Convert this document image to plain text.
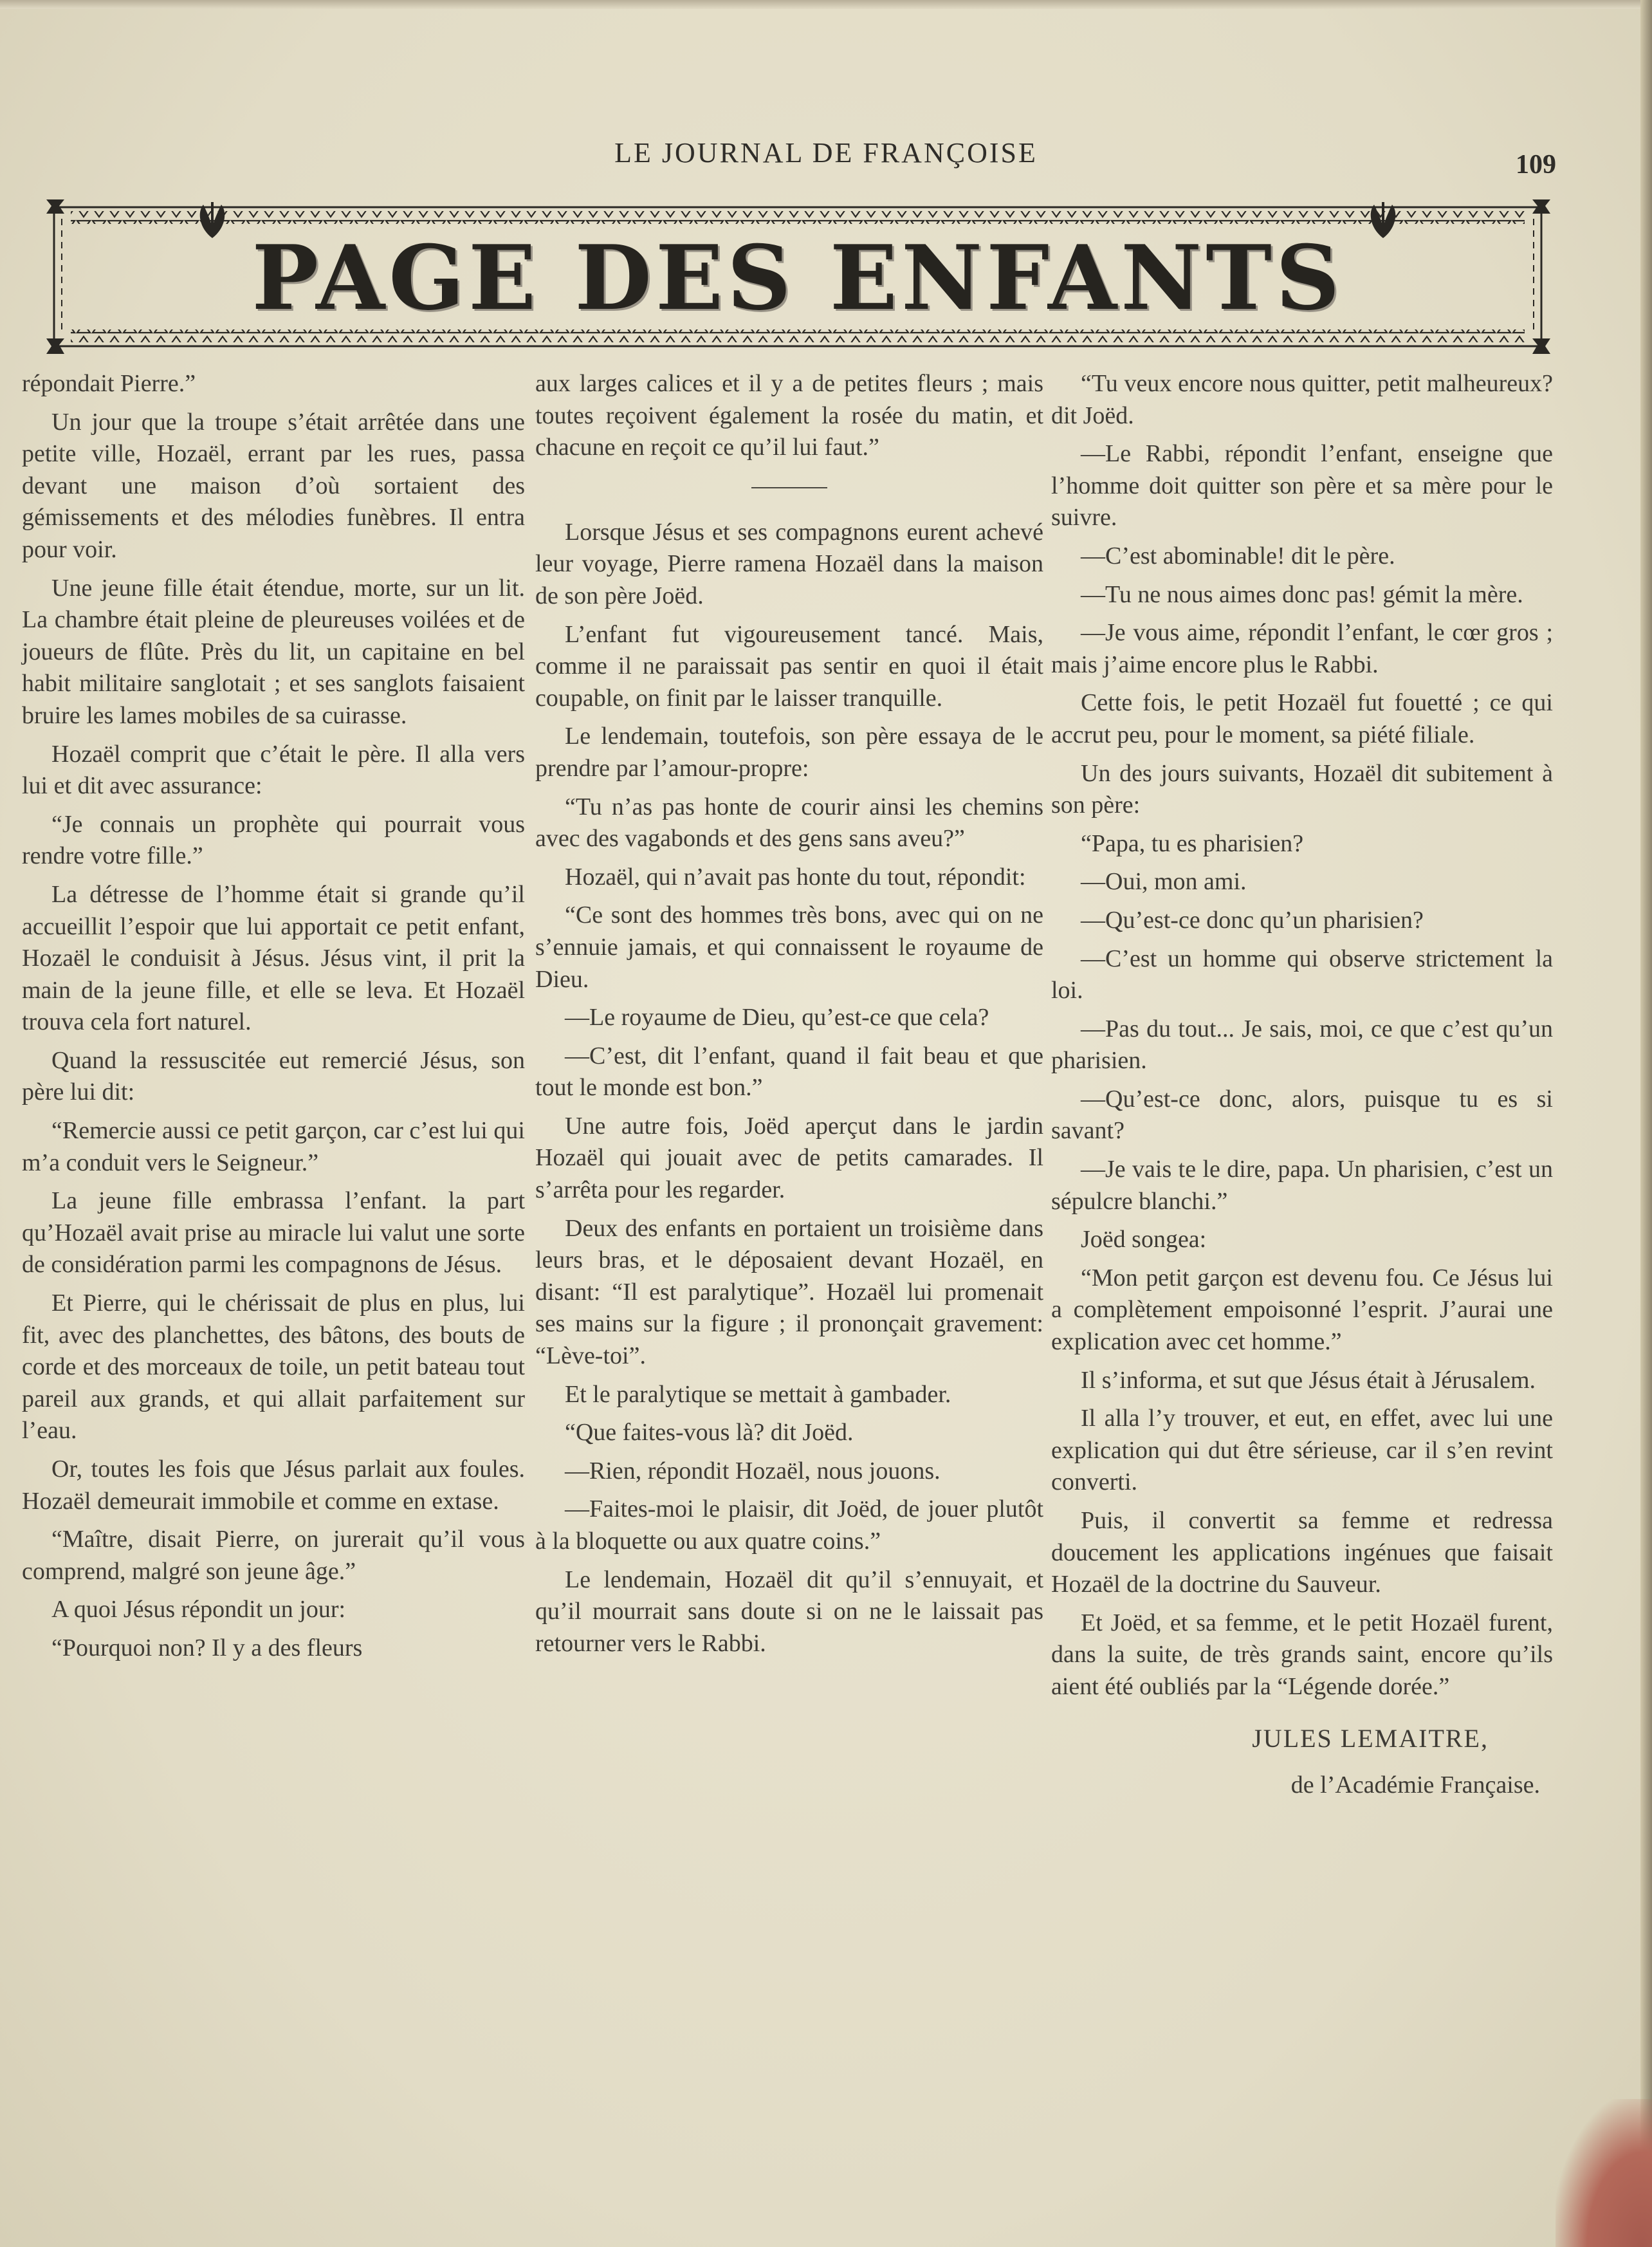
LE JOURNAL DE FRANÇOISE	109
PAGE DES ENFANTS

répondait Pierre.”

Un jour que la troupe s’était arrêtée dans une petite ville, Hozaël, errant par les rues, passa devant une maison d’où sortaient des gémissements et des mélodies funèbres. Il entra pour voir.

Une jeune fille était étendue, morte, sur un lit. La chambre était pleine de pleureuses voilées et de joueurs de flûte. Près du lit, un capitaine en bel habit militaire sanglotait ; et ses sanglots faisaient bruire les lames mobiles de sa cuirasse.

Hozaël comprit que c’était le père. Il alla vers lui et dit avec assurance:

“Je connais un prophète qui pourrait vous rendre votre fille.”

La détresse de l’homme était si grande qu’il accueillit l’espoir que lui apportait ce petit enfant, Hozaël le conduisit à Jésus. Jésus vint, il prit la main de la jeune fille, et elle se leva. Et Hozaël trouva cela fort naturel.

Quand la ressuscitée eut remercié Jésus, son père lui dit:

“Remercie aussi ce petit garçon, car c’est lui qui m’a conduit vers le Seigneur.”

La jeune fille embrassa l’enfant. la part qu’Hozaël avait prise au miracle lui valut une sorte de considération parmi les compagnons de Jésus.

Et Pierre, qui le chérissait de plus en plus, lui fit, avec des planchettes, des bâtons, des bouts de corde et des morceaux de toile, un petit bateau tout pareil aux grands, et qui allait parfaitement sur l’eau.

Or, toutes les fois que Jésus parlait aux foules. Hozaël demeurait immobile et comme en extase.

“Maître, disait Pierre, on jurerait qu’il vous comprend, malgré son jeune âge.”

A quoi Jésus répondit un jour:

“Pourquoi non? Il y a des fleurs

aux larges calices et il y a de petites fleurs ; mais toutes reçoivent également la rosée du matin, et chacune en reçoit ce qu’il lui faut.”

Lorsque Jésus et ses compagnons eurent achevé leur voyage, Pierre ramena Hozaël dans la maison de son père Joëd.

L’enfant fut vigoureusement tancé. Mais, comme il ne paraissait pas sentir en quoi il était coupable, on finit par le laisser tranquille.

Le lendemain, toutefois, son père essaya de le prendre par l’amour-propre:

“Tu n’as pas honte de courir ainsi les chemins avec des vagabonds et des gens sans aveu?”

Hozaël, qui n’avait pas honte du tout, répondit:

“Ce sont des hommes très bons, avec qui on ne s’ennuie jamais, et qui connaissent le royaume de Dieu.

—Le royaume de Dieu, qu’est-ce que cela?

—C’est, dit l’enfant, quand il fait beau et que tout le monde est bon.”

Une autre fois, Joëd aperçut dans le jardin Hozaël qui jouait avec de petits camarades. Il s’arrêta pour les regarder.

Deux des enfants en portaient un troisième dans leurs bras, et le déposaient devant Hozaël, en disant: “Il est paralytique”. Hozaël lui promenait ses mains sur la figure ; il prononçait gravement: “Lève-toi”.

Et le paralytique se mettait à gambader.

“Que faites-vous là? dit Joëd.

—Rien, répondit Hozaël, nous jouons.

—Faites-moi le plaisir, dit Joëd, de jouer plutôt à la bloquette ou aux quatre coins.”

Le lendemain, Hozaël dit qu’il s’ennuyait, et qu’il mourrait sans doute si on ne le laissait pas retourner vers le Rabbi.

“Tu veux encore nous quitter, petit malheureux? dit Joëd.

—Le Rabbi, répondit l’enfant, enseigne que l’homme doit quitter son père et sa mère pour le suivre.

—C’est abominable! dit le père.

—Tu ne nous aimes donc pas! gémit la mère.

—Je vous aime, répondit l’enfant, le cœr gros ; mais j’aime encore plus le Rabbi.

Cette fois, le petit Hozaël fut fouetté ; ce qui accrut peu, pour le moment, sa piété filiale.

Un des jours suivants, Hozaël dit subitement à son père:

“Papa, tu es pharisien?

—Oui, mon ami.

—Qu’est-ce donc qu’un pharisien?

—C’est un homme qui observe strictement la loi.

—Pas du tout... Je sais, moi, ce que c’est qu’un pharisien.

—Qu’est-ce donc, alors, puisque tu es si savant?

—Je vais te le dire, papa. Un pharisien, c’est un sépulcre blanchi.”

Joëd songea:

“Mon petit garçon est devenu fou. Ce Jésus lui a complètement empoisonné l’esprit. J’aurai une explication avec cet homme.”

Il s’informa, et sut que Jésus était à Jérusalem.

Il alla l’y trouver, et eut, en effet, avec lui une explication qui dut être sérieuse, car il s’en revint converti.

Puis, il convertit sa femme et redressa doucement les applications ingénues que faisait Hozaël de la doctrine du Sauveur.

Et Joëd, et sa femme, et le petit Hozaël furent, dans la suite, de très grands saint, encore qu’ils aient été oubliés par la “Légende dorée.”

JULES LEMAITRE,
de l’Académie Française.
